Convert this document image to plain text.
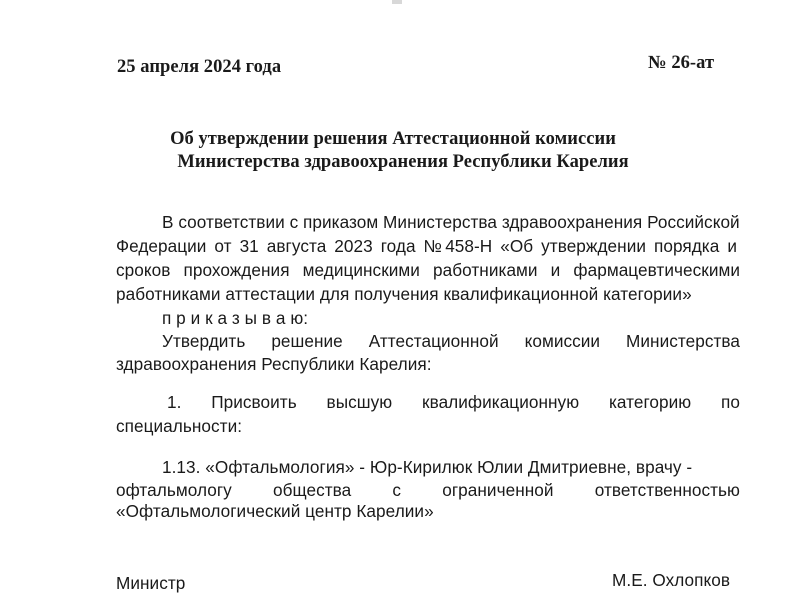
25 апреля 2024 года	№ 26-ат
Об утверждении решения Аттестационной комиссии
Министерства здравоохранения Республики Карелия
В соответствии с приказом Министерства здравоохранения Российской
Федерации от 31 августа 2023 года №458-Н «Об утверждении порядка и
сроков прохождения медицинскими работниками и фармацевтическими
работниками аттестации для получения квалификационной категории»
п р и к а з ы в а ю:
Утвердить решение Аттестационной комиссии Министерства
здравоохранения Республики Карелия:
1. Присвоить высшую квалификационную категорию по
специальности:
1.13. «Офтальмология» - Юр-Кирилюк Юлии Дмитриевне, врачу -
офтальмологу общества с ограниченной ответственностью
«Офтальмологический центр Карелии»
Министр	М.Е. Охлопков
